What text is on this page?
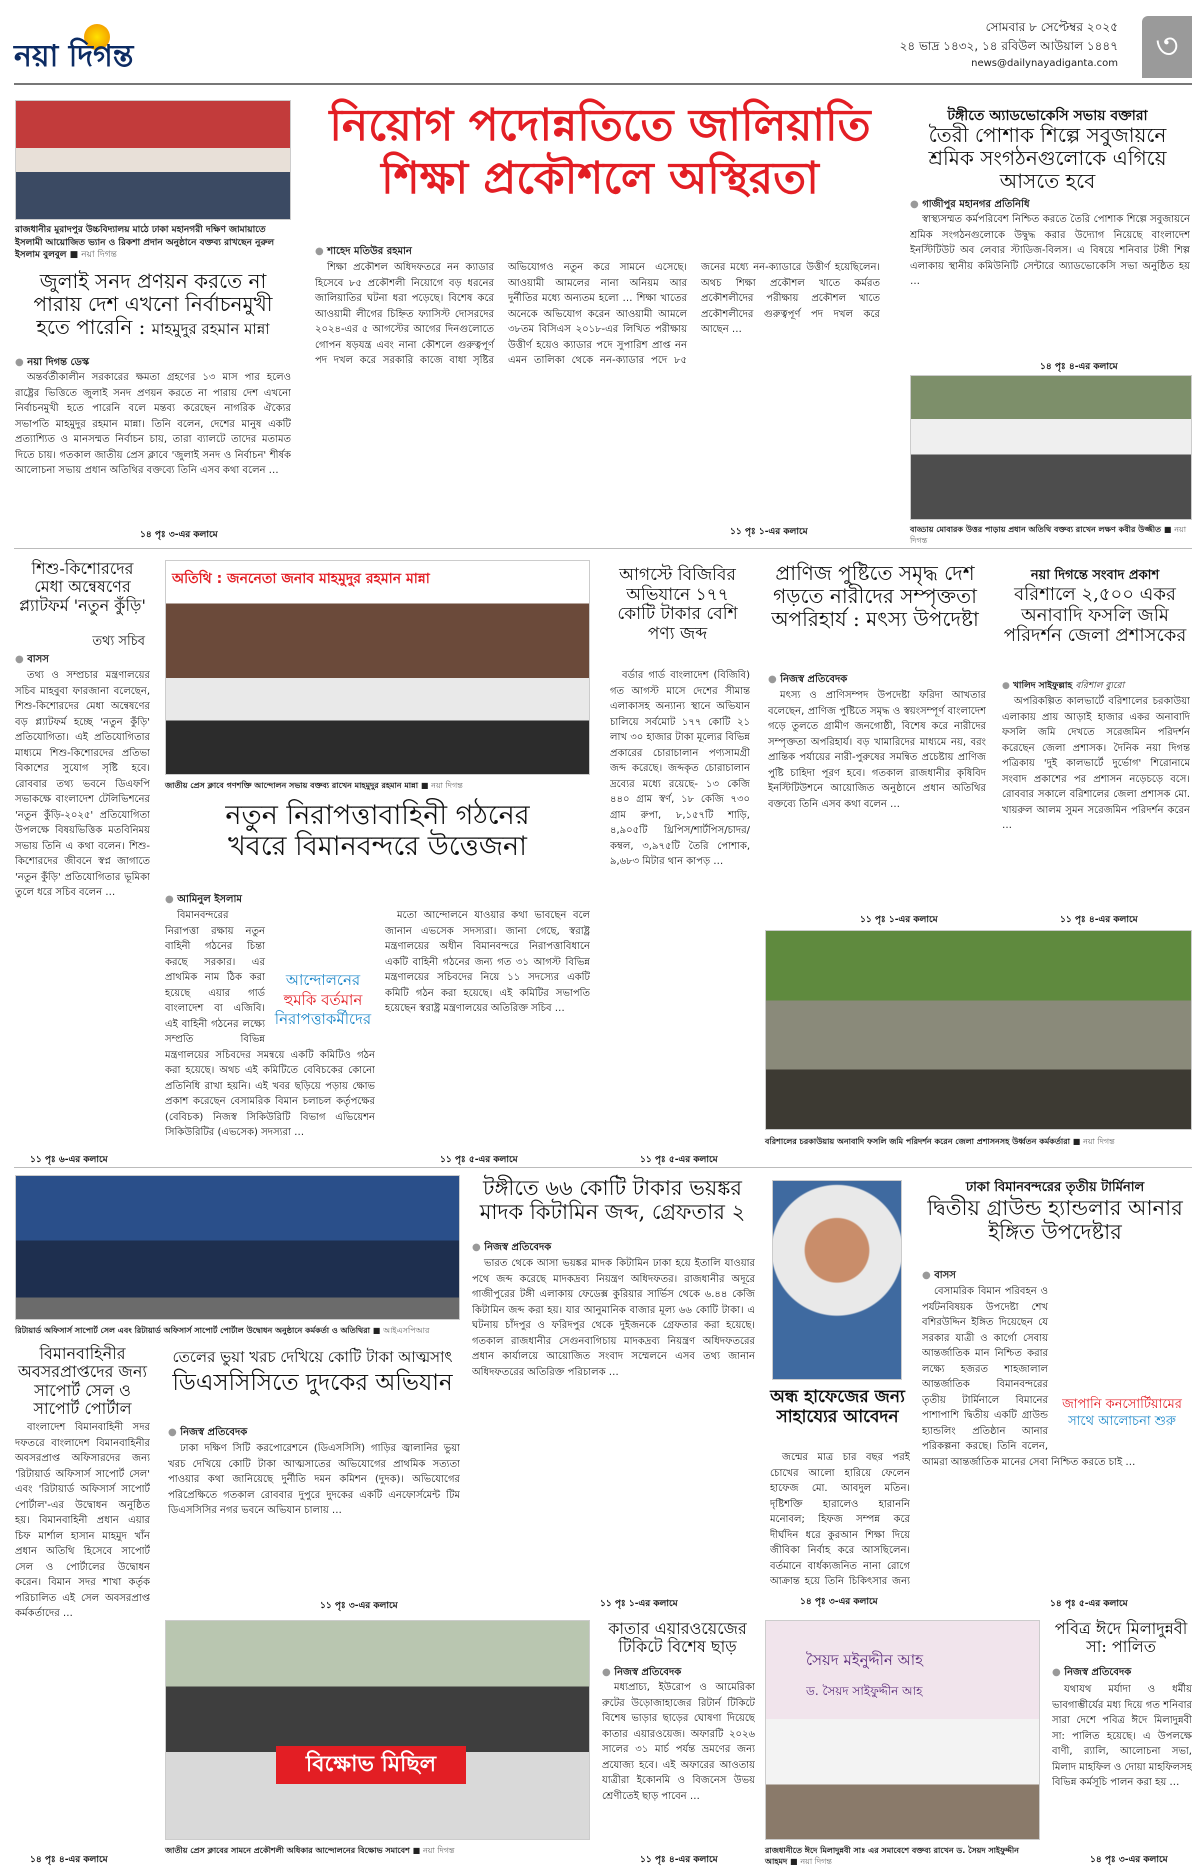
নয়া দিগন্ত
সোমবার ৮ সেপ্টেম্বর ২০২৫
২৪ ভাদ্র ১৪৩২, ১৪ রবিউল আউয়াল ১৪৪৭
news@dailynayadiganta.com	৩
নিয়োগ পদোন্নতিতে জালিয়াতি
শিক্ষা প্রকৌশলে অস্থিরতা
● শাহেদ মতিউর রহমান

শিক্ষা প্রকৌশল অধিদফতরে নন ক্যাডার হিসেবে ৮৫ প্রকৌশলী নিয়োগে বড় ধরনের জালিয়াতির ঘটনা ধরা পড়েছে। বিশেষ করে আওয়ামী লীগের চিহ্নিত ফ্যাসিস্ট দোসরদের ২০২৪-এর ৫ আগস্টের আগের দিনগুলোতে গোপন ষড়যন্ত্র এবং নানা কৌশলে গুরুত্বপূর্ণ পদ দখল করে সরকারি কাজে বাধা সৃষ্টির অভিযোগও নতুন করে সামনে এসেছে। আওয়ামী আমলের নানা অনিয়ম আর দুর্নীতির মধ্যে অন্যতম হলো … শিক্ষা খাতের অনেকে অভিযোগ করেন আওয়ামী আমলে ৩৮তম বিসিএস ২০১৮-এর লিখিত পরীক্ষায় উত্তীর্ণ হয়েও ক্যাডার পদে সুপারিশ প্রাপ্ত নন এমন তালিকা থেকে নন-ক্যাডার পদে ৮৫ জনের মধ্যে নন-ক্যাডারে উত্তীর্ণ হয়েছিলেন। অথচ শিক্ষা প্রকৌশল খাতে কর্মরত প্রকৌশলীদের পরীক্ষায় প্রকৌশল খাতে প্রকৌশলীদের গুরুত্বপূর্ণ পদ দখল করে আছেন …

১১ পৃঃ ১-এর কলামে
রাজধানীর মুরাদপুর উচ্চবিদ্যালয় মাঠে ঢাকা মহানগরী দক্ষিণ জামায়াতে ইসলামী আয়োজিত ভ্যান ও রিকশা প্রদান অনুষ্ঠানে বক্তব্য রাখছেন নুরুল ইসলাম বুলবুল ■ নয়া দিগন্ত
জুলাই সনদ প্রণয়ন করতে না পারায় দেশ এখনো নির্বাচনমুখী হতে পারেনি : মাহমুদুর রহমান মান্না
● নয়া দিগন্ত ডেস্ক

অন্তর্বর্তীকালীন সরকারের ক্ষমতা গ্রহণের ১৩ মাস পার হলেও রাষ্ট্রের ভিত্তিতে জুলাই সনদ প্রণয়ন করতে না পারায় দেশ এখনো নির্বাচনমুখী হতে পারেনি বলে মন্তব্য করেছেন নাগরিক ঐক্যের সভাপতি মাহমুদুর রহমান মান্না। তিনি বলেন, দেশের মানুষ একটি প্রত্যাশ্যিত ও মানসম্মত নির্বাচন চায়, তারা ব্যালটে তাদের মতামত দিতে চায়। গতকাল জাতীয় প্রেস ক্লাবে 'জুলাই সনদ ও নির্বাচন' শীর্ষক আলোচনা সভায় প্রধান অতিথির বক্তব্যে তিনি এসব কথা বলেন …

১৪ পৃঃ ৩-এর কলামে
টঙ্গীতে অ্যাডভোকেসি সভায় বক্তারা
তৈরী পোশাক শিল্পে সবুজায়নে শ্রমিক সংগঠনগুলোকে এগিয়ে আসতে হবে
● গাজীপুর মহানগর প্রতিনিধি

স্বাস্থ্যসম্মত কর্মপরিবেশ নিশ্চিত করতে তৈরি পোশাক শিল্পে সবুজায়নে শ্রমিক সংগঠনগুলোকে উদ্বুদ্ধ করার উদ্যোগ নিয়েছে বাংলাদেশ ইনস্টিটিউট অব লেবার স্টাডিজ-বিলস। এ বিষয়ে শনিবার টঙ্গী শিল্প এলাকায় স্থানীয় কমিউনিটি সেন্টারে অ্যাডভোকেসি সভা অনুষ্ঠিত হয় …

১৪ পৃঃ ৪-এর কলামে
বাড্ডায় মোবারক উত্তর পাড়ায় প্রধান অতিথি বক্তব্য রাখেন লক্ষণ কবীর উজ্জীত ■ নয়া দিগন্ত
শিশু-কিশোরদের মেধা অন্বেষণের প্ল্যাটফর্ম 'নতুন কুঁড়ি'
তথ্য সচিব
● বাসস

তথ্য ও সম্প্রচার মন্ত্রণালয়ের সচিব মাহবুবা ফারজানা বলেছেন, শিশু-কিশোরদের মেধা অন্বেষণের বড় প্ল্যাটফর্ম হচ্ছে 'নতুন কুঁড়ি' প্রতিযোগিতা। এই প্রতিযোগিতার মাধ্যমে শিশু-কিশোরদের প্রতিভা বিকাশের সুযোগ সৃষ্টি হবে। রোববার তথ্য ভবনে ডিএফপি সভাকক্ষে বাংলাদেশ টেলিভিশনের 'নতুন কুঁড়ি-২০২৫' প্রতিযোগিতা উপলক্ষে বিষয়ভিত্তিক মতবিনিময় সভায় তিনি এ কথা বলেন। শিশু-কিশোরদের জীবনে স্বপ্ন জাগাতে 'নতুন কুঁড়ি' প্রতিযোগিতার ভূমিকা তুলে ধরে সচিব বলেন …

১১ পৃঃ ৬-এর কলামে
অতিথি : জননেতা জনাব মাহমুদুর রহমান মান্না
জাতীয় প্রেস ক্লাবে গণশক্তি আন্দোলন সভায় বক্তব্য রাখেন মাহমুদুর রহমান মান্না ■ নয়া দিগন্ত
নতুন নিরাপত্তাবাহিনী গঠনের
খবরে বিমানবন্দরে উত্তেজনা
● আমিনুল ইসলাম
আন্দোলনের
হুমকি বর্তমান
নিরাপত্তাকর্মীদের

বিমানবন্দরের নিরাপত্তা রক্ষায় নতুন বাহিনী গঠনের চিন্তা করছে সরকার। এর প্রাথমিক নাম ঠিক করা হয়েছে এয়ার গার্ড বাংলাদেশ বা এজিবি। এই বাহিনী গঠনের লক্ষ্যে সম্প্রতি বিভিন্ন মন্ত্রণালয়ের সচিবদের সমন্বয়ে একটি কমিটিও গঠন করা হয়েছে। অথচ এই কমিটিতে বেবিচকের কোনো প্রতিনিধি রাখা হয়নি। এই খবর ছড়িয়ে পড়ায় ক্ষোভ প্রকাশ করেছেন বেসামরিক বিমান চলাচল কর্তৃপক্ষের (বেবিচক) নিজস্ব সিকিউরিটি বিভাগ এভিয়েশন সিকিউরিটির (এভসেক) সদস্যরা …

মতো আন্দোলনে যাওয়ার কথা ভাবছেন বলে জানান এভসেক সদস্যরা। জানা গেছে, স্বরাষ্ট্র মন্ত্রণালয়ের অধীন বিমানবন্দরে নিরাপত্তাবিধানে একটি বাহিনী গঠনের জন্য গত ৩১ আগস্ট বিভিন্ন মন্ত্রণালয়ের সচিবদের নিয়ে ১১ সদস্যের একটি কমিটি গঠন করা হয়েছে। এই কমিটির সভাপতি হয়েছেন স্বরাষ্ট্র মন্ত্রণালয়ের অতিরিক্ত সচিব …

১১ পৃঃ ৫-এর কলামে
আগস্টে বিজিবির অভিযানে ১৭৭ কোটি টাকার বেশি পণ্য জব্দ

বর্ডার গার্ড বাংলাদেশ (বিজিবি) গত আগস্ট মাসে দেশের সীমান্ত এলাকাসহ অন্যান্য স্থানে অভিযান চালিয়ে সর্বমোট ১৭৭ কোটি ২১ লাখ ৩০ হাজার টাকা মূল্যের বিভিন্ন প্রকারের চোরাচালান পণ্যসামগ্রী জব্দ করেছে। জব্দকৃত চোরাচালান দ্রব্যের মধ্যে রয়েছে- ১৩ কেজি ৪৪০ গ্রাম স্বর্ণ, ১৮ কেজি ৭৩০ গ্রাম রুপা, ৮,১৫৭টি শাড়ি, ৪,৯০৫টি থ্রিপিস/শার্টপিস/চাদর/কম্বল, ৩,৯৭৫টি তৈরি পোশাক, ৯,৬৮৩ মিটার থান কাপড় …

১১ পৃঃ ৫-এর কলামে
প্রাণিজ পুষ্টিতে সমৃদ্ধ দেশ গড়তে নারীদের সম্পৃক্ততা অপরিহার্য : মৎস্য উপদেষ্টা
● নিজস্ব প্রতিবেদক

মৎস্য ও প্রাণিসম্পদ উপদেষ্টা ফরিদা আখতার বলেছেন, প্রাণিজ পুষ্টিতে সমৃদ্ধ ও স্বয়ংসম্পূর্ণ বাংলাদেশ গড়ে তুলতে গ্রামীণ জনগোষ্ঠী, বিশেষ করে নারীদের সম্পৃক্ততা অপরিহার্য। বড় খামারিদের মাধ্যমে নয়, বরং প্রান্তিক পর্যায়ের নারী-পুরুষের সমন্বিত প্রচেষ্টায় প্রাণিজ পুষ্টি চাহিদা পূরণ হবে। গতকাল রাজধানীর কৃষিবিদ ইনস্টিটিউশনে আয়োজিত অনুষ্ঠানে প্রধান অতিথির বক্তব্যে তিনি এসব কথা বলেন …

১১ পৃঃ ১-এর কলামে
নয়া দিগন্তে সংবাদ প্রকাশ
বরিশালে ২,৫০০ একর অনাবাদি ফসলি জমি পরিদর্শন জেলা প্রশাসকের
● খালিদ সাইফুল্লাহ বরিশাল ব্যুরো

অপরিকল্পিত কালভার্টে বরিশালের চরকাউয়া এলাকায় প্রায় আড়াই হাজার একর অনাবাদি ফসলি জমি দেখতে সরেজমিন পরিদর্শন করেছেন জেলা প্রশাসক। দৈনিক নয়া দিগন্ত পত্রিকায় 'দুই কালভার্টে দুর্ভোগ' শিরোনামে সংবাদ প্রকাশের পর প্রশাসন নড়েচড়ে বসে। রোববার সকালে বরিশালের জেলা প্রশাসক মো. খায়রুল আলম সুমন সরেজমিন পরিদর্শন করেন …

১১ পৃঃ ৪-এর কলামে
বরিশালের চরকাউয়ায় অনাবাদি ফসলি জমি পরিদর্শন করেন জেলা প্রশাসনসহ উর্ধ্বতন কর্মকর্তারা ■ নয়া দিগন্ত
রিটায়ার্ড অফিসার্স সাপোর্ট সেল এবং রিটায়ার্ড অফিসার্স সাপোর্ট পোর্টাল উদ্বোধন অনুষ্ঠানে কর্মকর্তা ও অতিথিরা ■ আইএসপিআর
টঙ্গীতে ৬৬ কোটি টাকার ভয়ঙ্কর মাদক কিটামিন জব্দ, গ্রেফতার ২
● নিজস্ব প্রতিবেদক

ভারত থেকে আসা ভয়ঙ্কর মাদক কিটামিন ঢাকা হয়ে ইতালি যাওয়ার পথে জব্দ করেছে মাদকদ্রব্য নিয়ন্ত্রণ অধিদফতর। রাজধানীর অদূরে গাজীপুরের টঙ্গী এলাকায় ফেডেক্স কুরিয়ার সার্ভিস থেকে ৬.৪৪ কেজি কিটামিন জব্দ করা হয়। যার আনুমানিক বাজার মূল্য ৬৬ কোটি টাকা। এ ঘটনায় চাঁদপুর ও ফরিদপুর থেকে দুইজনকে গ্রেফতার করা হয়েছে। গতকাল রাজধানীর সেগুনবাগিচায় মাদকদ্রব্য নিয়ন্ত্রণ অধিদফতরের প্রধান কার্যালয়ে আয়োজিত সংবাদ সম্মেলনে এসব তথ্য জানান অধিদফতরের অতিরিক্ত পরিচালক …

১১ পৃঃ ১-এর কলামে
অন্ধ হাফেজের জন্য সাহায্যের আবেদন

জন্মের মাত্র চার বছর পরই চোখের আলো হারিয়ে ফেলেন হাফেজ মো. আবদুল মতিন। দৃষ্টিশক্তি হারালেও হারাননি মনোবল; হিফজ সম্পন্ন করে দীর্ঘদিন ধরে কুরআন শিক্ষা দিয়ে জীবিকা নির্বাহ করে আসছিলেন। বর্তমানে বার্ধক্যজনিত নানা রোগে আক্রান্ত হয়ে তিনি চিকিৎসার জন্য

১৪ পৃঃ ৩-এর কলামে
ঢাকা বিমানবন্দরের তৃতীয় টার্মিনাল
দ্বিতীয় গ্রাউন্ড হ্যান্ডলার আনার ইঙ্গিত উপদেষ্টার
● বাসস
জাপানি কনসোর্টিয়ামের
সাথে আলোচনা শুরু

বেসামরিক বিমান পরিবহন ও পর্যটনবিষয়ক উপদেষ্টা শেখ বশিরউদ্দিন ইঙ্গিত দিয়েছেন যে সরকার যাত্রী ও কার্গো সেবায় আন্তর্জাতিক মান নিশ্চিত করার লক্ষ্যে হজরত শাহজালাল আন্তর্জাতিক বিমানবন্দরের তৃতীয় টার্মিনালে বিমানের পাশাপাশি দ্বিতীয় একটি গ্রাউন্ড হ্যান্ডলিং প্রতিষ্ঠান আনার পরিকল্পনা করছে। তিনি বলেন, আমরা আন্তর্জাতিক মানের সেবা নিশ্চিত করতে চাই …

১৪ পৃঃ ৫-এর কলামে
বিমানবাহিনীর অবসরপ্রাপ্তদের জন্য সাপোর্ট সেল ও সাপোর্ট পোর্টাল

বাংলাদেশ বিমানবাহিনী সদর দফতরে বাংলাদেশ বিমানবাহিনীর অবসরপ্রাপ্ত অফিসারদের জন্য 'রিটায়ার্ড অফিসার্স সাপোর্ট সেল' এবং 'রিটায়ার্ড অফিসার্স সাপোর্ট পোর্টাল'-এর উদ্বোধন অনুষ্ঠিত হয়। বিমানবাহিনী প্রধান এয়ার চিফ মার্শাল হাসান মাহমুদ খাঁন প্রধান অতিথি হিসেবে সাপোর্ট সেল ও পোর্টালের উদ্বোধন করেন। বিমান সদর শাখা কর্তৃক পরিচালিত এই সেল অবসরপ্রাপ্ত কর্মকর্তাদের …

১৪ পৃঃ ৪-এর কলামে
তেলের ভুয়া খরচ দেখিয়ে কোটি টাকা আত্মসাৎ
ডিএসসিসিতে দুদকের অভিযান
● নিজস্ব প্রতিবেদক

ঢাকা দক্ষিণ সিটি করপোরেশনে (ডিএসসিসি) গাড়ির জ্বালানির ভুয়া খরচ দেখিয়ে কোটি টাকা আত্মসাতের অভিযোগের প্রাথমিক সত্যতা পাওয়ার কথা জানিয়েছে দুর্নীতি দমন কমিশন (দুদক)। অভিযোগের পরিপ্রেক্ষিতে গতকাল রোববার দুপুরে দুদকের একটি এনফোর্সমেন্ট টিম ডিএসসিসির নগর ভবনে অভিযান চালায় …

১১ পৃঃ ৩-এর কলামে
বিক্ষোভ মিছিল
জাতীয় প্রেস ক্লাবের সামনে প্রকৌশলী অধিকার আন্দোলনের বিক্ষোভ সমাবেশ ■ নয়া দিগন্ত
কাতার এয়ারওয়েজের টিকিটে বিশেষ ছাড়
● নিজস্ব প্রতিবেদক

মধ্যপ্রাচ্য, ইউরোপ ও আমেরিকা রুটের উড়োজাহাজের রিটার্ন টিকিটে বিশেষ ভাড়ার ছাড়ের ঘোষণা দিয়েছে কাতার এয়ারওয়েজ। অফারটি ২০২৬ সালের ৩১ মার্চ পর্যন্ত ভ্রমণের জন্য প্রযোজ্য হবে। এই অফারের আওতায় যাত্রীরা ইকোনমি ও বিজনেস উভয় শ্রেণীতেই ছাড় পাবেন …

১১ পৃঃ ৪-এর কলামে
সৈয়দ মইনুদ্দীন আহ
ড. সৈয়দ সাইফুদ্দীন আহ
রাজধানীতে ঈদে মিলাদুন্নবী সাঃ এর সমাবেশে বক্তব্য রাখেন ড. সৈয়দ সাইফুদ্দীন আহমদ ■ নয়া দিগন্ত
পবিত্র ঈদে মিলাদুন্নবী সা: পালিত
● নিজস্ব প্রতিবেদক

যথাযথ মর্যাদা ও ধর্মীয় ভাবগাম্ভীর্যের মধ্য দিয়ে গত শনিবার সারা দেশে পবিত্র ঈদে মিলাদুন্নবী সা: পালিত হয়েছে। এ উপলক্ষে বাণী, র‍্যালি, আলোচনা সভা, মিলাদ মাহফিল ও দোয়া মাহফিলসহ বিভিন্ন কর্মসূচি পালন করা হয় …

১৪ পৃঃ ৩-এর কলামে
